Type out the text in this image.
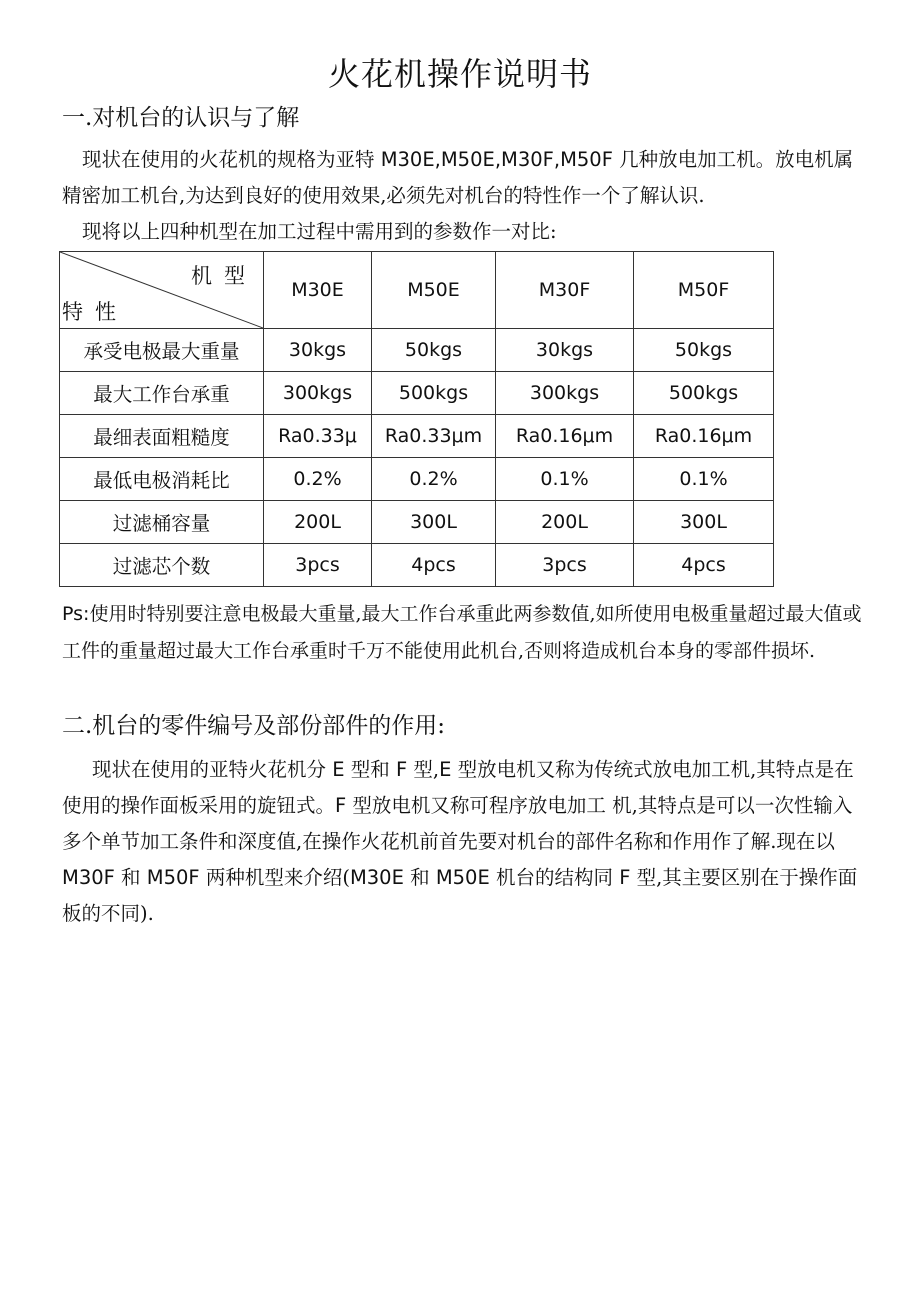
火花机操作说明书
一.对机台的认识与了解
现状在使用的火花机的规格为亚特 M30E,M50E,M30F,M50F 几种放电加工机。放电机属精密加工机台,为达到良好的使用效果,必须先对机台的特性作一个了解认识.
现将以上四种机型在加工过程中需用到的参数作一对比:
机型
特性	M30E	M50E	M30F	M50F
承受电极最大重量	30kgs	50kgs	30kgs	50kgs
最大工作台承重	300kgs	500kgs	300kgs	500kgs
最细表面粗糙度	Ra0.33μ	Ra0.33μm	Ra0.16μm	Ra0.16μm
最低电极消耗比	0.2%	0.2%	0.1%	0.1%
过滤桶容量	200L	300L	200L	300L
过滤芯个数	3pcs	4pcs	3pcs	4pcs
Ps:使用时特别要注意电极最大重量,最大工作台承重此两参数值,如所使用电极重量超过最大值或工件的重量超过最大工作台承重时千万不能使用此机台,否则将造成机台本身的零部件损坏.
二.机台的零件编号及部份部件的作用:
现状在使用的亚特火花机分 E 型和 F 型,E 型放电机又称为传统式放电加工机,其特点是在使用的操作面板采用的旋钮式。F 型放电机又称可程序放电加工 机,其特点是可以一次性输入多个单节加工条件和深度值,在操作火花机前首先要对机台的部件名称和作用作了解.现在以 M30F 和 M50F 两种机型来介绍(M30E 和 M50E 机台的结构同 F 型,其主要区别在于操作面板的不同).
